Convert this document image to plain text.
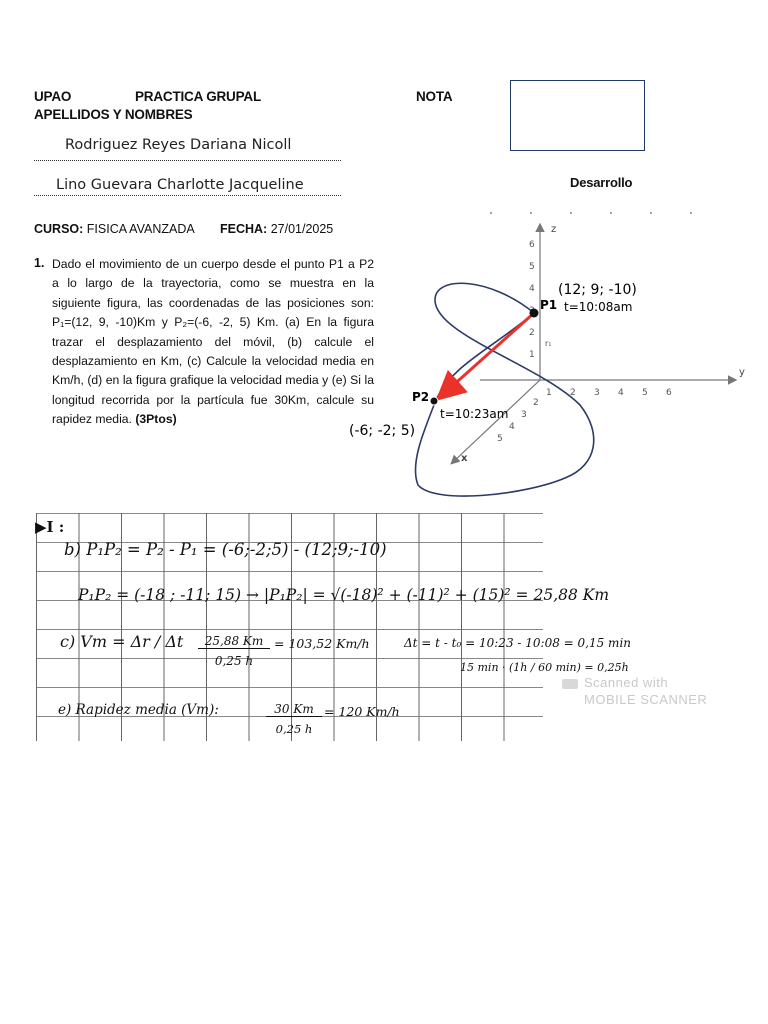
UPAO	PRACTICA GRUPAL	NOTA
APELLIDOS Y NOMBRES
Rodriguez Reyes Dariana Nicoll
Lino Guevara Charlotte Jacqueline	Desarrollo
CURSO: FISICA AVANZADA FECHA: 27/01/2025
1. Dado el movimiento de un cuerpo desde el punto P1 a P2 a lo largo de la trayectoria, como se muestra en la siguiente figura, las coordenadas de las posiciones son: P₁=(12, 9, -10)Km y P₂=(-6, -2, 5) Km. (a) En la figura trazar el desplazamiento del móvil, (b) calcule el desplazamiento en Km, (c) Calcule la velocidad media en Km/h, (d) en la figura grafique la velocidad media y (e) Si la longitud recorrida por la partícula fue 30Km, calcule su rapidez media. (3Ptos)
z
y
x
6
5
4
2
1
1 2 3 4 5 6
2
3
4
5
P1
(12; 9; -10)
t=10:08am
r₁
P2
t=10:23am
(-6; -2; 5)
▶I :
b) P₁P₂ = P₂ - P₁ = (-6;-2;5) - (12;9;-10)
P₁P₂ = (-18 ; -11; 15) → |P₁P₂| = √(-18)² + (-11)² + (15)² = 25,88 Km
c) Vm = Δr / Δt	25,88 Km
0,25 h
= 103,52 Km/h	Δt = t - t₀ = 10:23 - 10:08 = 0,15 min
15 min · (1h / 60 min) = 0,25h
e) Rapidez media (Vm):	30 Km
0,25 h
= 120 Km/h
Scanned with
MOBILE SCANNER
